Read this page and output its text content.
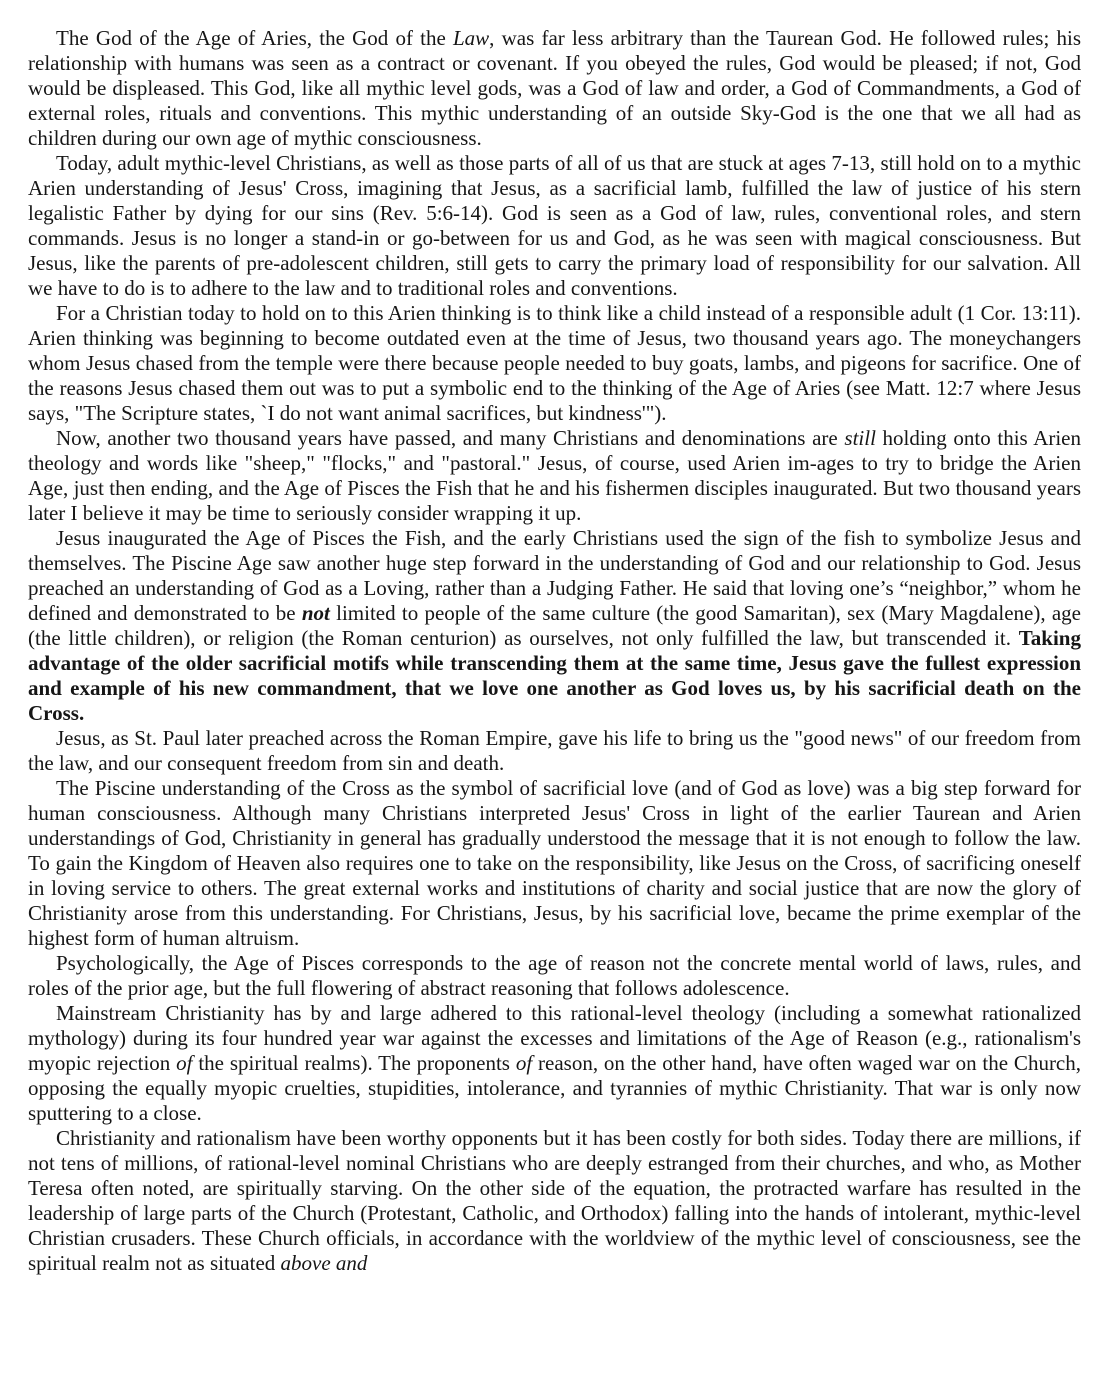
The God of the Age of Aries, the God of the Law, was far less arbitrary than the Taurean God. He followed rules; his relationship with humans was seen as a contract or covenant. If you obeyed the rules, God would be pleased; if not, God would be displeased. This God, like all mythic level gods, was a God of law and order, a God of Commandments, a God of external roles, rituals and conventions. This mythic understanding of an outside Sky-God is the one that we all had as children during our own age of mythic consciousness.

Today, adult mythic-level Christians, as well as those parts of all of us that are stuck at ages 7-13, still hold on to a mythic Arien understanding of Jesus' Cross, imagining that Jesus, as a sacrificial lamb, fulfilled the law of justice of his stern legalistic Father by dying for our sins (Rev. 5:6-14). God is seen as a God of law, rules, conventional roles, and stern commands. Jesus is no longer a stand-in or go-between for us and God, as he was seen with magical consciousness. But Jesus, like the parents of pre-adolescent children, still gets to carry the primary load of responsibility for our salvation. All we have to do is to adhere to the law and to traditional roles and conventions.

For a Christian today to hold on to this Arien thinking is to think like a child instead of a responsible adult (1 Cor. 13:11). Arien thinking was beginning to become outdated even at the time of Jesus, two thousand years ago. The moneychangers whom Jesus chased from the temple were there because people needed to buy goats, lambs, and pigeons for sacrifice. One of the reasons Jesus chased them out was to put a symbolic end to the thinking of the Age of Aries (see Matt. 12:7 where Jesus says, "The Scripture states, `I do not want animal sacrifices, but kindness'").

Now, another two thousand years have passed, and many Christians and denominations are still holding onto this Arien theology and words like "sheep," "flocks," and "pastoral." Jesus, of course, used Arien im-ages to try to bridge the Arien Age, just then ending, and the Age of Pisces the Fish that he and his fishermen disciples inaugurated. But two thousand years later I believe it may be time to seriously consider wrapping it up.

Jesus inaugurated the Age of Pisces the Fish, and the early Christians used the sign of the fish to symbolize Jesus and themselves. The Piscine Age saw another huge step forward in the understanding of God and our relationship to God. Jesus preached an understanding of God as a Loving, rather than a Judging Father. He said that loving one’s “neighbor,” whom he defined and demonstrated to be not limited to people of the same culture (the good Samaritan), sex (Mary Magdalene), age (the little children), or religion (the Roman centurion) as ourselves, not only fulfilled the law, but transcended it. Taking advantage of the older sacrificial motifs while transcending them at the same time, Jesus gave the fullest expression and example of his new commandment, that we love one another as God loves us, by his sacrificial death on the Cross.

Jesus, as St. Paul later preached across the Roman Empire, gave his life to bring us the "good news" of our freedom from the law, and our consequent freedom from sin and death.

The Piscine understanding of the Cross as the symbol of sacrificial love (and of God as love) was a big step forward for human consciousness. Although many Christians interpreted Jesus' Cross in light of the earlier Taurean and Arien understandings of God, Christianity in general has gradually understood the message that it is not enough to follow the law. To gain the Kingdom of Heaven also requires one to take on the responsibility, like Jesus on the Cross, of sacrificing oneself in loving service to others. The great external works and institutions of charity and social justice that are now the glory of Christianity arose from this understanding. For Christians, Jesus, by his sacrificial love, became the prime exemplar of the highest form of human altruism.

Psychologically, the Age of Pisces corresponds to the age of reason not the concrete mental world of laws, rules, and roles of the prior age, but the full flowering of abstract reasoning that follows adolescence.

Mainstream Christianity has by and large adhered to this rational-level theology (including a somewhat rationalized mythology) during its four hundred year war against the excesses and limitations of the Age of Reason (e.g., rationalism's myopic rejection of the spiritual realms). The proponents of reason, on the other hand, have often waged war on the Church, opposing the equally myopic cruelties, stupidities, intolerance, and tyrannies of mythic Christianity. That war is only now sputtering to a close.

Christianity and rationalism have been worthy opponents but it has been costly for both sides. Today there are millions, if not tens of millions, of rational-level nominal Christians who are deeply estranged from their churches, and who, as Mother Teresa often noted, are spiritually starving. On the other side of the equation, the protracted warfare has resulted in the leadership of large parts of the Church (Protestant, Catholic, and Orthodox) falling into the hands of intolerant, mythic-level Christian crusaders. These Church officials, in accordance with the worldview of the mythic level of consciousness, see the spiritual realm not as situated above and
